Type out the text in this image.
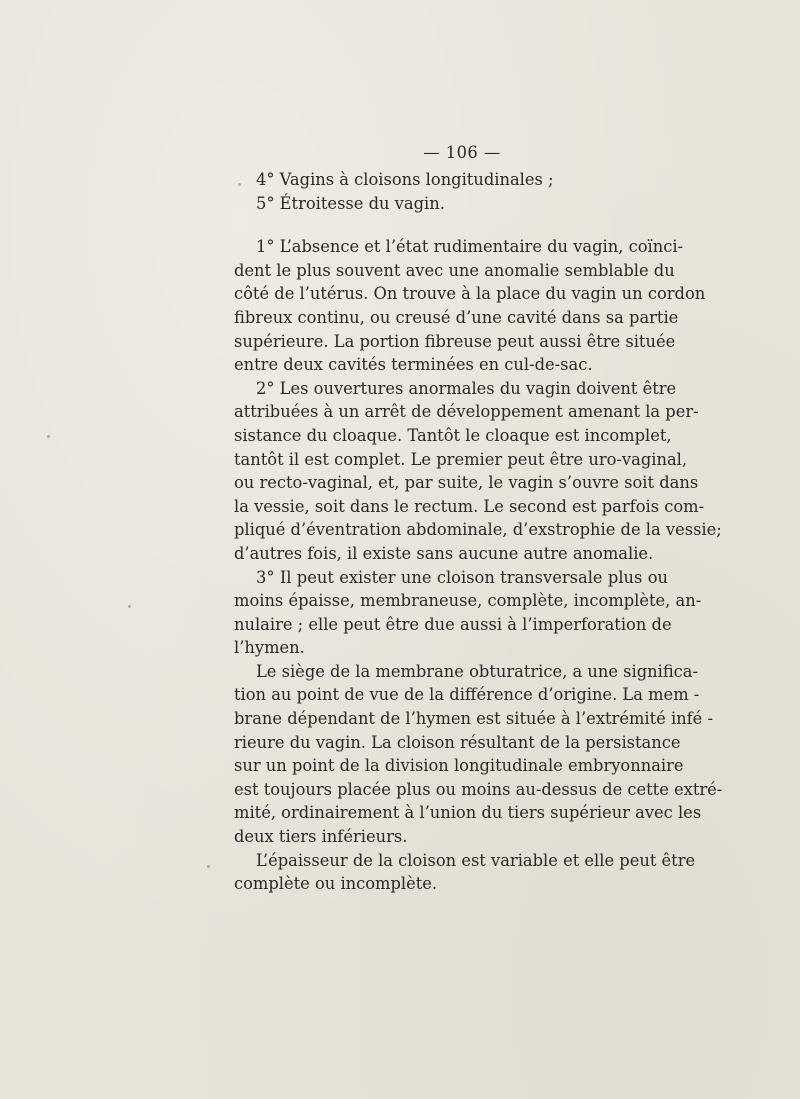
— 106 —
4° Vagins à cloisons longitudinales ;
5° Étroitesse du vagin.
1° L’absence et l’état rudimentaire du vagin, coïnci-
dent le plus souvent avec une anomalie semblable du
côté de l’utérus. On trouve à la place du vagin un cordon
fibreux continu, ou creusé d’une cavité dans sa partie
supérieure. La portion fibreuse peut aussi être située
entre deux cavités terminées en cul-de-sac.
2° Les ouvertures anormales du vagin doivent être
attribuées à un arrêt de développement amenant la per-
sistance du cloaque. Tantôt le cloaque est incomplet,
tantôt il est complet. Le premier peut être uro-vaginal,
ou recto-vaginal, et, par suite, le vagin s’ouvre soit dans
la vessie, soit dans le rectum. Le second est parfois com-
pliqué d’éventration abdominale, d’exstrophie de la vessie;
d’autres fois, il existe sans aucune autre anomalie.
3° Il peut exister une cloison transversale plus ou
moins épaisse, membraneuse, complète, incomplète, an-
nulaire ; elle peut être due aussi à l’imperforation de
l’hymen.
Le siège de la membrane obturatrice, a une significa-
tion au point de vue de la différence d’origine. La mem -
brane dépendant de l’hymen est située à l’extrémité infé -
rieure du vagin. La cloison résultant de la persistance
sur un point de la division longitudinale embryonnaire
est toujours placée plus ou moins au-dessus de cette extré-
mité, ordinairement à l’union du tiers supérieur avec les
deux tiers inférieurs.
L’épaisseur de la cloison est variable et elle peut être
complète ou incomplète.
